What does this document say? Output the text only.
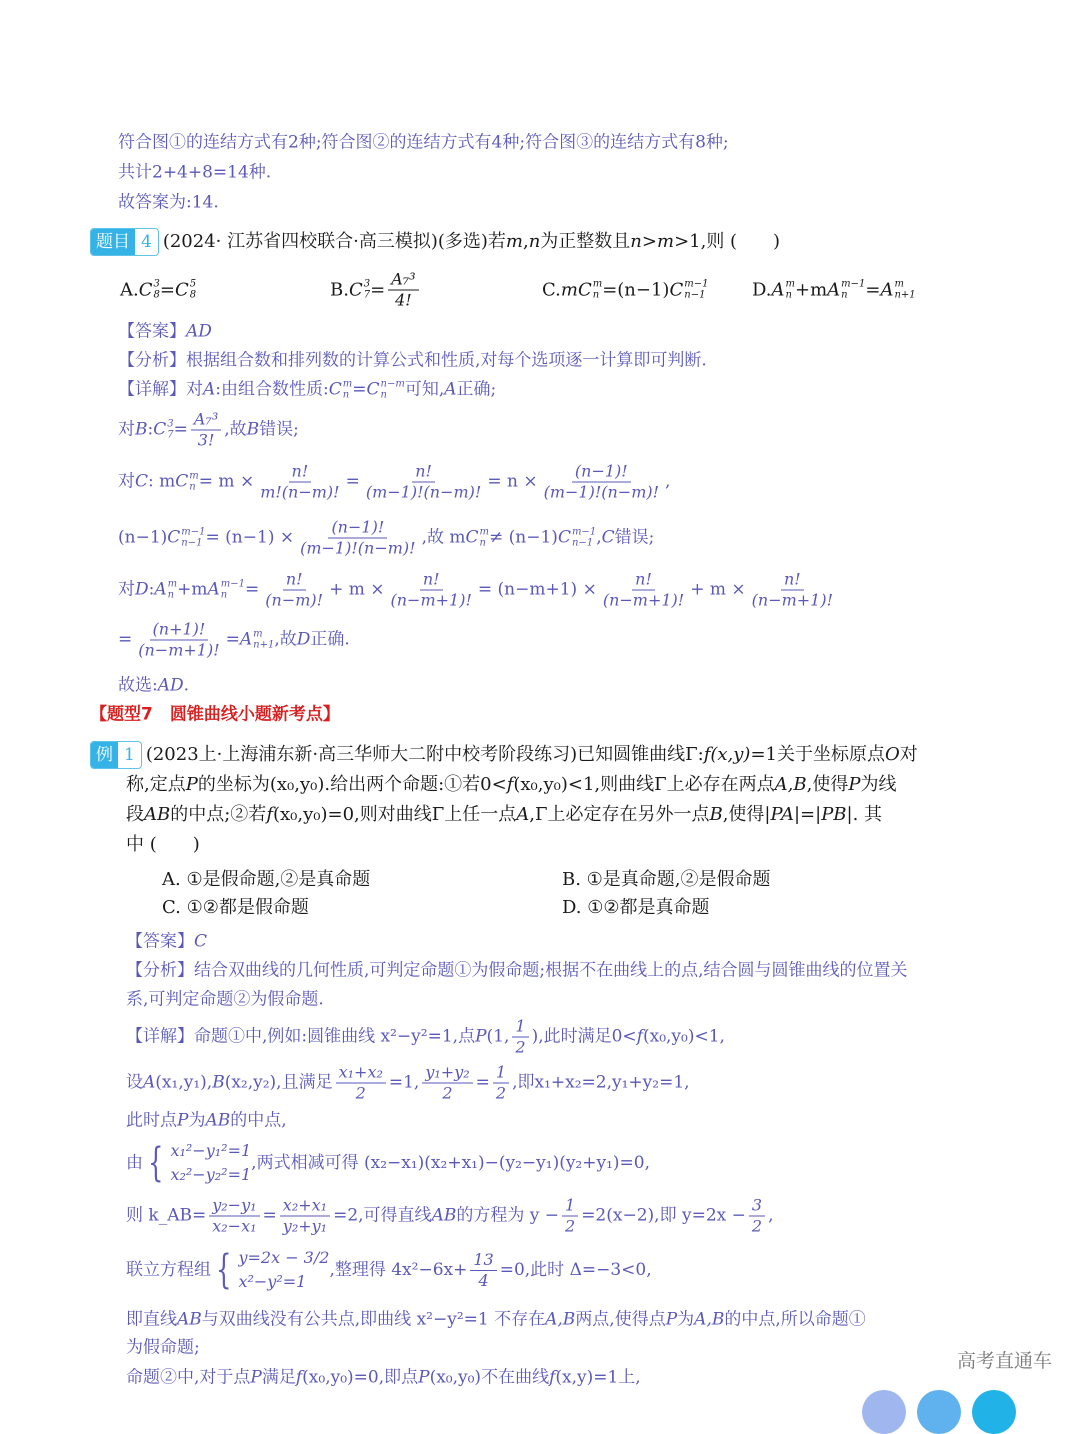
符合图①的连结方式有2种;符合图②的连结方式有4种;符合图③的连结方式有8种;
共计2+4+8=14种.
故答案为:14.
题目 4 (2024· 江苏省四校联合·高三模拟)(多选)若 m , n 为正整数且 n > m >1,则 (　　)
A. C 3
8 = C 5
8	B. C 3
$7 = \frac{\text{A₇³}}{4!}$	C. m C m
n =(n−1) C m−1
n−1	D. A m
n +m A m−1
n = A m
n+1
【答案】 AD
【分析】根据组合数和排列数的计算公式和性质,对每个选项逐一计算即可判断.
【详解】对 A :由组合数性质: C m
n = C n−m
n	可知, A 正确;
对 B : C 3
$7 = \frac{\text{A₇³}}{3!}$ ,故 B 错误;
对 C : m C m
$n = m \times \frac{n!}{m!(n-m)!} = \frac{n!}{(m-1)!(n-m)!} = n \times \frac{(n-1)!}{(m-1)!(n-m)!}$ ,
(n−1) C m−1
$n-1 = (n-1) \times \frac{(n-1)!}{(m-1)!(n-m)!}$ ,故 m C m
n ≠ (n−1) C m−1
n−1 , C 错误;
对 D : A m
n +m A m−1
n	= $\frac{n!}{(n-m)!} + m \times \frac{n!}{(n-m+1)!} = (n-m+1) \times \frac{n!}{(n-m+1)!} + m \times \frac{n!}{(n-m+1)!}$
= $\frac{(n+1)!}{(n-m+1)!} = A$ m
n+1 ,故 D 正确.
故选: AD .
【题型7　圆锥曲线小题新考点】
例 1 (2023上·上海浦东新·高三华师大二附中校考阶段练习)已知圆锥曲线Γ: f(x,y) =1关于坐标原点 O 对
称,定点 P 的坐标为(x₀,y₀).给出两个命题:①若0< f (x₀,y₀)<1,则曲线Γ上必存在两点 A,B ,使得 P 为线
段 AB 的中点;②若 f (x₀,y₀)=0,则对曲线Γ上任一点 A ,Γ上必定存在另外一点 B ,使得| PA |=| PB |. 其
中 (　　)
A. ①是假命题,②是真命题	B. ①是真命题,②是假命题
C. ①②都是假命题	D. ①②都是真命题
【答案】 C
【分析】结合双曲线的几何性质,可判定命题①为假命题;根据不在曲线上的点,结合圆与圆锥曲线的位置关
系,可判定命题②为假命题.
【详解】命题①中,例如:圆锥曲线 x²−y²=1,点 P (1, $\frac{1}{2}$ ),此时满足0< f (x₀,y₀)<1,
设 A (x₁,y₁), B (x₂,y₂),且满足 $\frac{\text{x₁+x₂}}{2} =1$, $\frac{\text{y₁+y₂}}{2} = \frac{1}{2}$ ,即x₁+x₂=2,y₁+y₂=1,
此时点 P 为 AB 的中点,
由 { x₁²−y₁²=1
x₂²−y₂²=1
,两式相减可得 (x₂−x₁)(x₂+x₁)−(y₂−y₁)(y₂+y₁)=0,
则 k_AB= $\frac{\text{y₂−y₁}}{\text{x₂−x₁}} = \frac{\text{x₂+x₁}}{\text{y₂+y₁}} =2$,可得直线 AB 的方程为 $y - \frac{1}{2} =2(x-2)$,即 $y=2x - \frac{3}{2}$ ,
联立方程组 { y=2x − 3/2
x²−y²=1
,整理得 $4x^2-6x+ \frac{13}{4} =0$,此时 Δ=−3<0,
即直线 AB 与双曲线没有公共点,即曲线 x²−y²=1 不存在 A,B 两点,使得点 P 为 A,B 的中点,所以命题①
为假命题;
命题②中,对于点 P 满足 f (x₀,y₀)=0,即点 P (x₀,y₀)不在曲线 f (x,y)=1上,
高考直通车
